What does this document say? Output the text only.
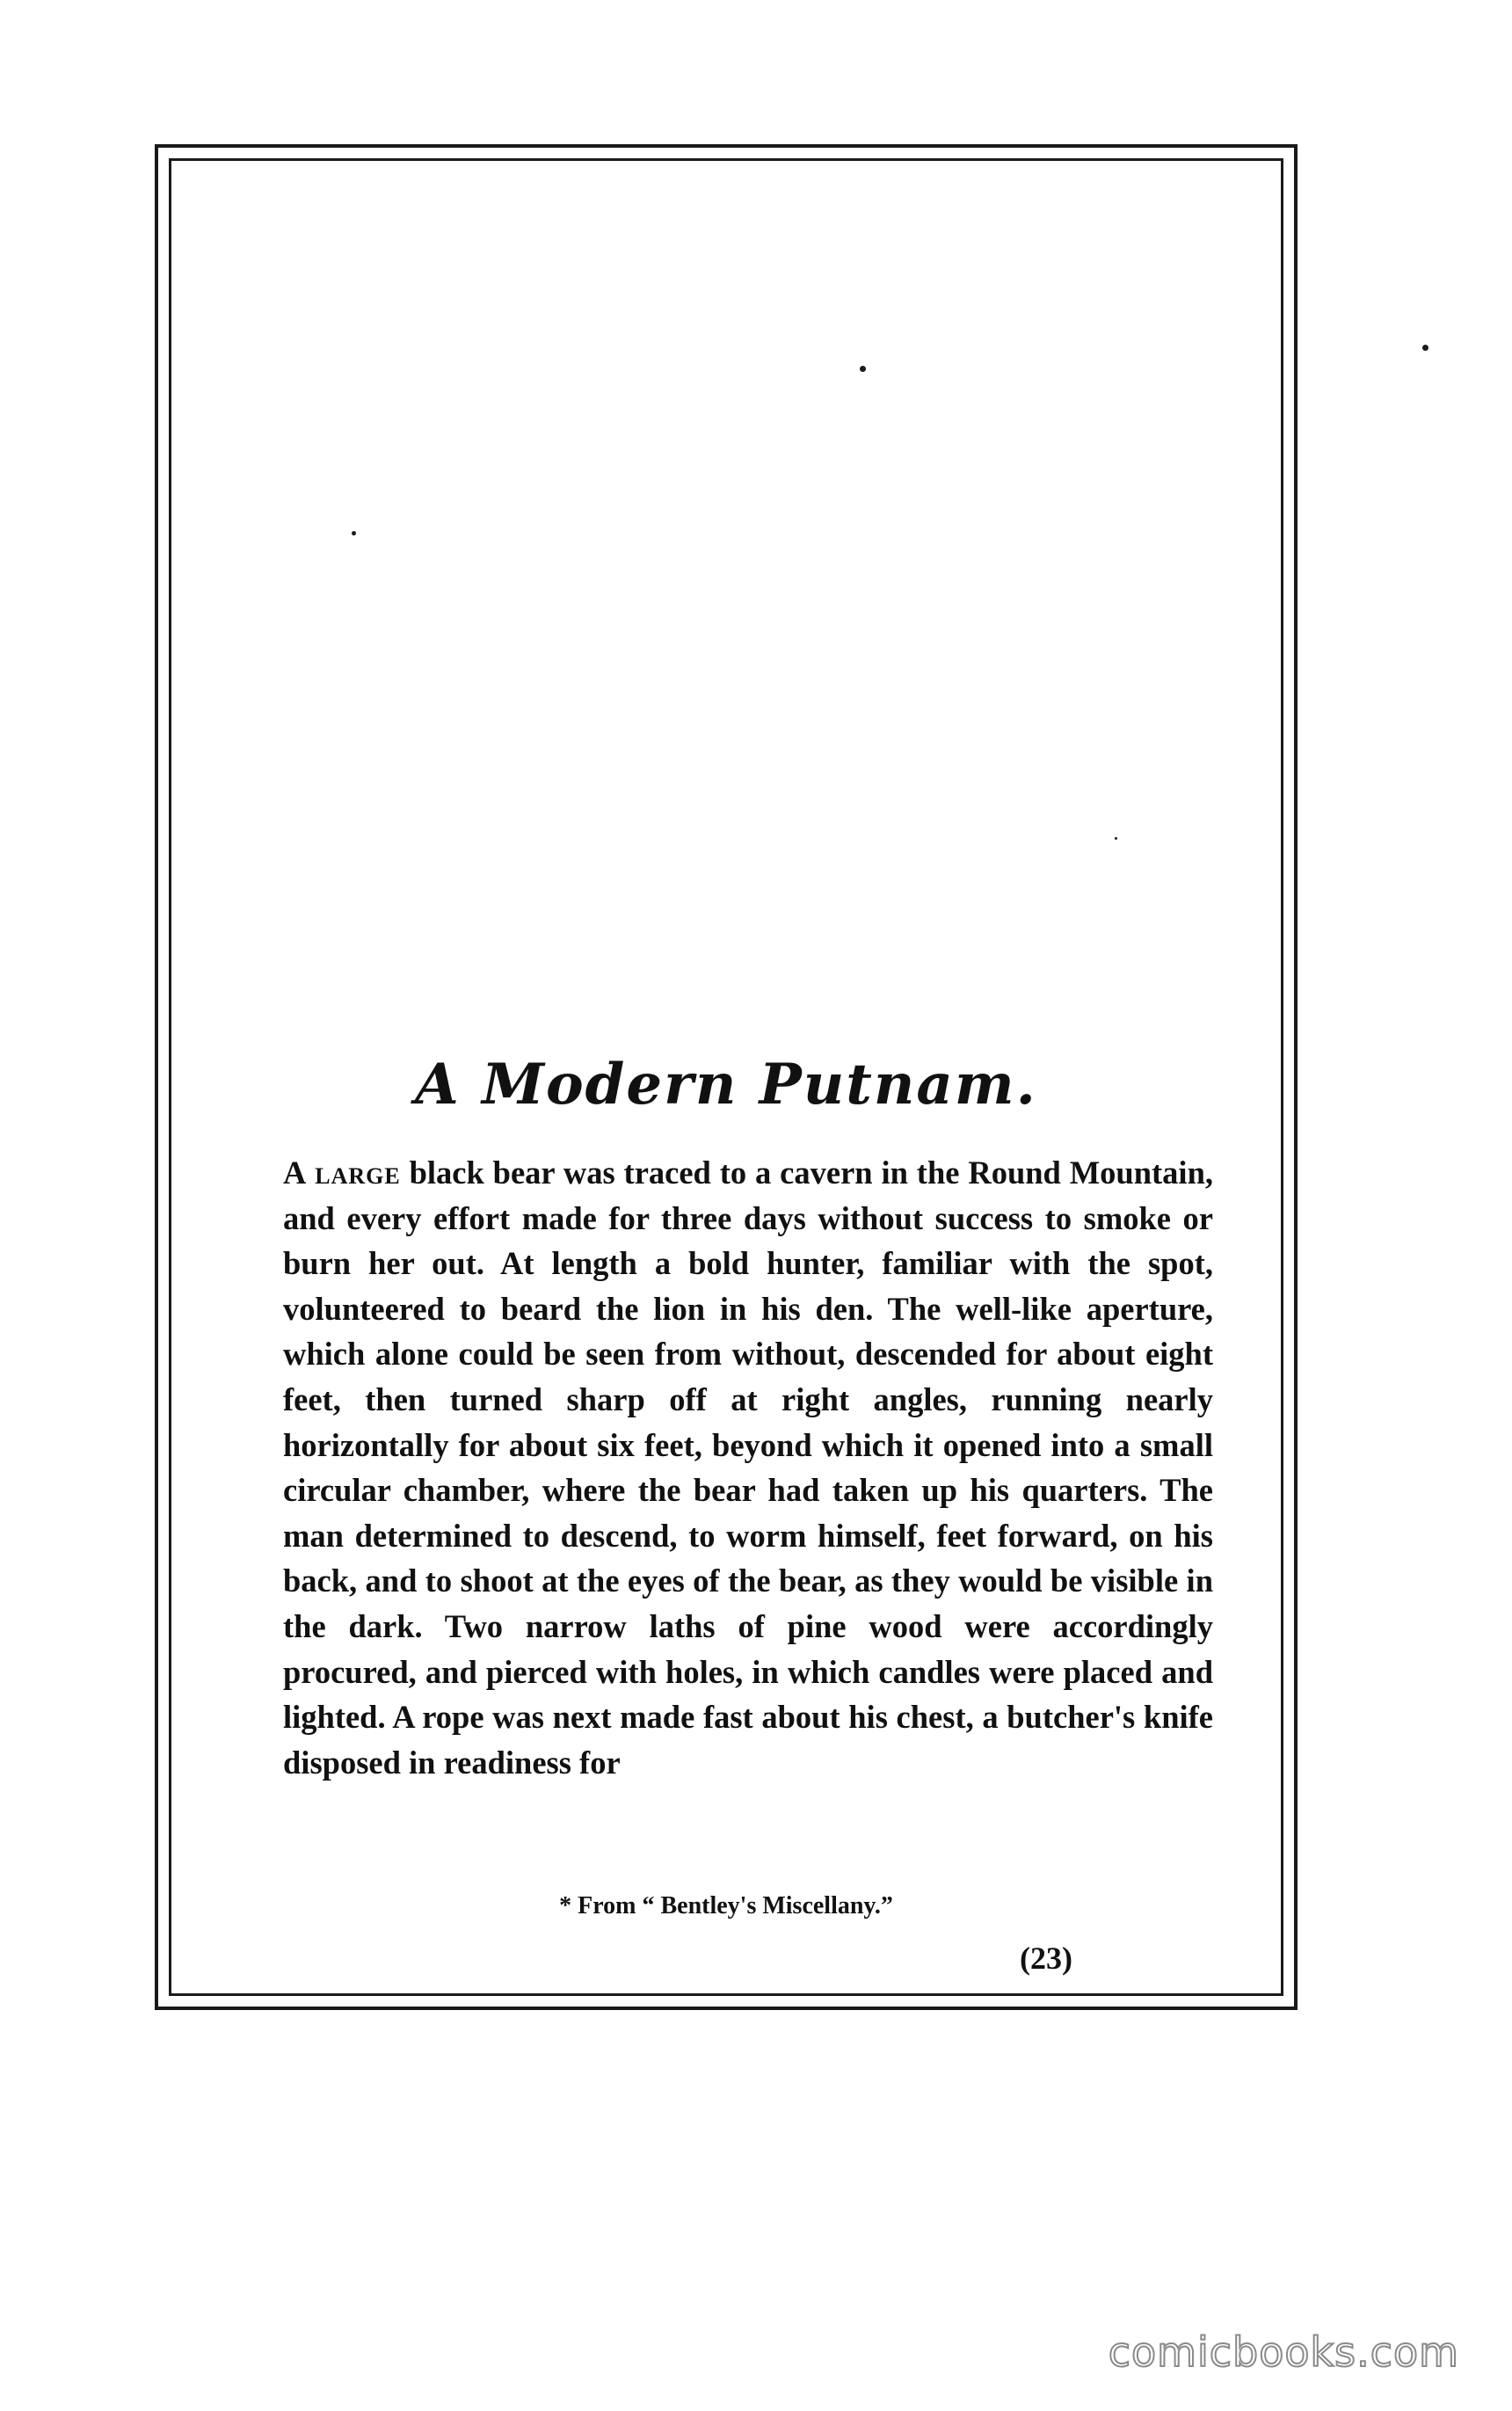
A Modern Putnam.

A large black bear was traced to a cavern in the Round Mountain, and every effort made for three days without success to smoke or burn her out. At length a bold hunter, familiar with the spot, volunteered to beard the lion in his den. The well-like aperture, which alone could be seen from without, descended for about eight feet, then turned sharp off at right angles, running nearly horizontally for about six feet, beyond which it opened into a small circular chamber, where the bear had taken up his quarters. The man determined to descend, to worm himself, feet forward, on his back, and to shoot at the eyes of the bear, as they would be visible in the dark. Two narrow laths of pine wood were accordingly procured, and pierced with holes, in which candles were placed and lighted. A rope was next made fast about his chest, a butcher's knife disposed in readiness for

* From “ Bentley's Miscellany.”

(23)

comicbooks.com
